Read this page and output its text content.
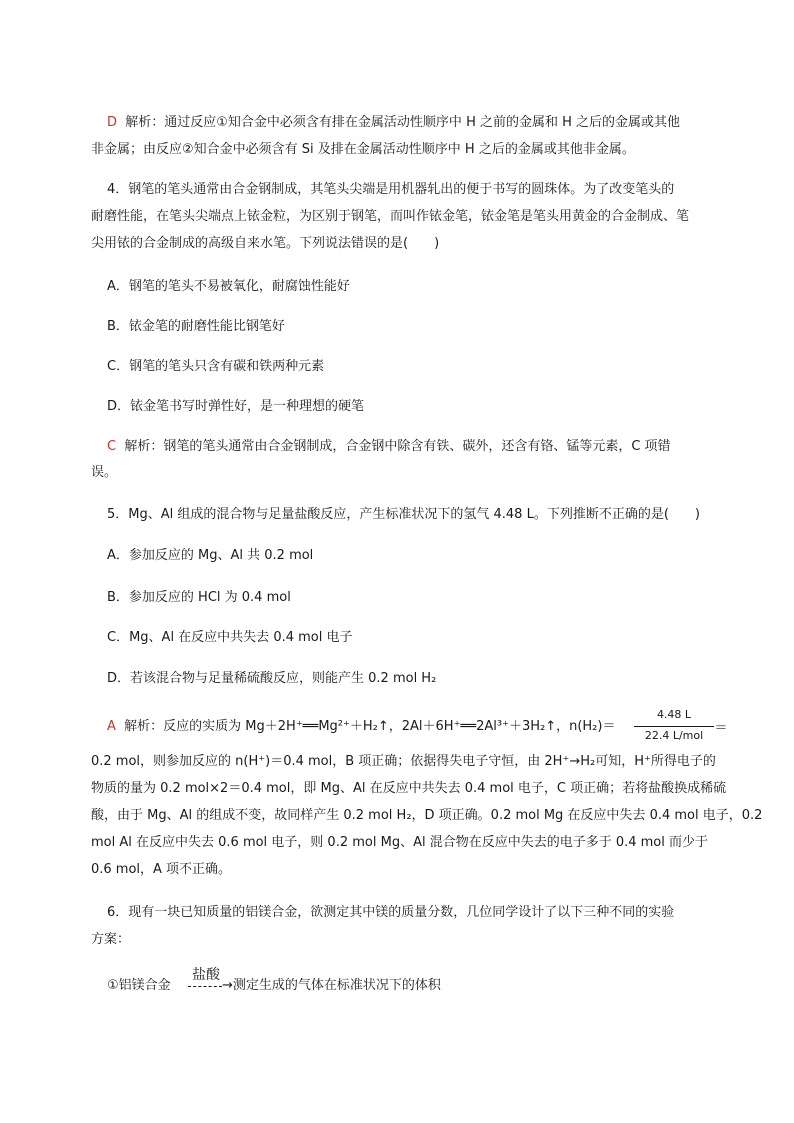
D 解析：通过反应①知合金中必须含有排在金属活动性顺序中 H 之前的金属和 H 之后的金属或其他
非金属；由反应②知合金中必须含有 Si 及排在金属活动性顺序中 H 之后的金属或其他非金属。
4．钢笔的笔头通常由合金钢制成，其笔头尖端是用机器轧出的便于书写的圆珠体。为了改变笔头的
耐磨性能，在笔头尖端点上铱金粒，为区别于钢笔，而叫作铱金笔，铱金笔是笔头用黄金的合金制成、笔
尖用铱的合金制成的高级自来水笔。下列说法错误的是(　　)
A．钢笔的笔头不易被氧化，耐腐蚀性能好
B．铱金笔的耐磨性能比钢笔好
C．钢笔的笔头只含有碳和铁两种元素
D．铱金笔书写时弹性好，是一种理想的硬笔
C 解析：钢笔的笔头通常由合金钢制成，合金钢中除含有铁、碳外，还含有铬、锰等元素，C 项错
误。
5．Mg、Al 组成的混合物与足量盐酸反应，产生标准状况下的氢气 4.48 L。下列推断不正确的是(　　)
A．参加反应的 Mg、Al 共 0.2 mol
B．参加反应的 HCl 为 0.4 mol
C．Mg、Al 在反应中共失去 0.4 mol 电子
D．若该混合物与足量稀硫酸反应，则能产生 0.2 mol H₂
A 解析：反应的实质为 Mg＋2H⁺══Mg²⁺＋H₂↑，2Al＋6H⁺══2Al³⁺＋3H₂↑，n(H₂)＝
4.48 L
22.4 L/mol ＝
0.2 mol，则参加反应的 n(H⁺)＝0.4 mol，B 项正确；依据得失电子守恒，由 2H⁺→H₂可知，H⁺所得电子的
物质的量为 0.2 mol×2＝0.4 mol，即 Mg、Al 在反应中共失去 0.4 mol 电子，C 项正确；若将盐酸换成稀硫
酸，由于 Mg、Al 的组成不变，故同样产生 0.2 mol H₂，D 项正确。0.2 mol Mg 在反应中失去 0.4 mol 电子，0.2
mol Al 在反应中失去 0.6 mol 电子，则 0.2 mol Mg、Al 混合物在反应中失去的电子多于 0.4 mol 而少于
0.6 mol，A 项不正确。
6．现有一块已知质量的铝镁合金，欲测定其中镁的质量分数，几位同学设计了以下三种不同的实验
方案：
①铝镁合金
盐酸
→测定生成的气体在标准状况下的体积
